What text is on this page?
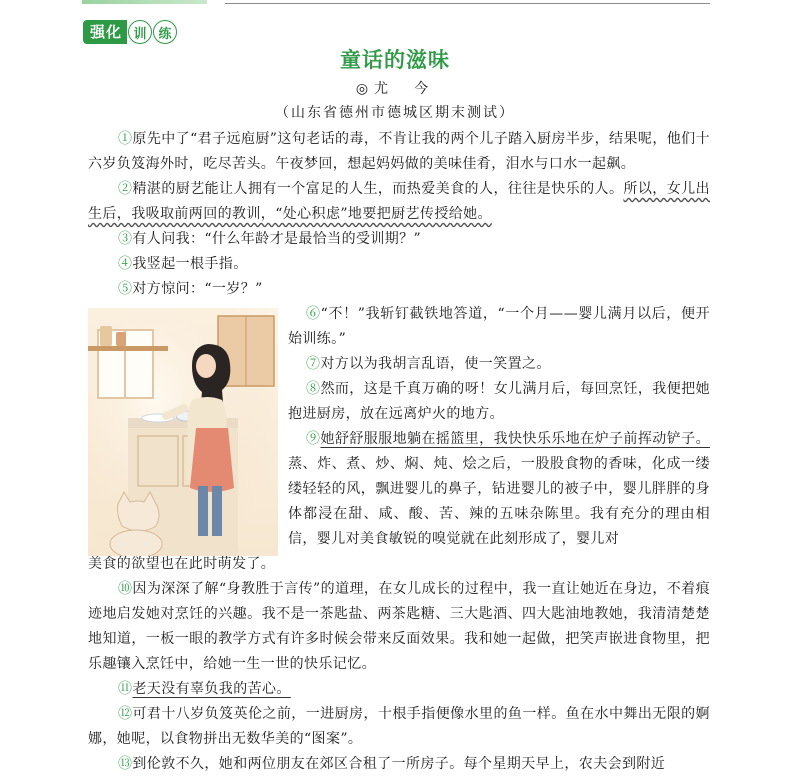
强化 训 练
童话的滋味
◎尤　今
（山东省德州市德城区期末测试）

①原先中了“君子远庖厨”这句老话的毒，不肯让我的两个儿子踏入厨房半步，结果呢，他们十六岁负笈海外时，吃尽苦头。午夜梦回，想起妈妈做的美味佳肴，泪水与口水一起飙。

②精湛的厨艺能让人拥有一个富足的人生，而热爱美食的人，往往是快乐的人。所以，女儿出生后，我吸取前两回的教训，“处心积虑”地要把厨艺传授给她。

③有人问我：“什么年龄才是最恰当的受训期？”

④我竖起一根手指。

⑤对方惊问：“一岁？”

⑥“不！”我斩钉截铁地答道，“一个月——婴儿满月以后，便开始训练。”

⑦对方以为我胡言乱语，使一笑置之。

⑧然而，这是千真万确的呀！女儿满月后，每回烹饪，我便把她抱进厨房，放在远离炉火的地方。

⑨她舒舒服服地躺在摇篮里，我快快乐乐地在炉子前挥动铲子。蒸、炸、煮、炒、焖、炖、烩之后，一股股食物的香味，化成一缕缕轻轻的风，飘进婴儿的鼻子，钻进婴儿的被子中，婴儿胖胖的身体都浸在甜、咸、酸、苦、辣的五味杂陈里。我有充分的理由相信，婴儿对美食敏锐的嗅觉就在此刻形成了，婴儿对

美食的欲望也在此时萌发了。

⑩因为深深了解“身教胜于言传”的道理，在女儿成长的过程中，我一直让她近在身边，不着痕迹地启发她对烹饪的兴趣。我不是一茶匙盐、两茶匙糖、三大匙酒、四大匙油地教她，我清清楚楚地知道，一板一眼的教学方式有许多时候会带来反面效果。我和她一起做，把笑声嵌进食物里，把乐趣镶入烹饪中，给她一生一世的快乐记忆。

⑪老天没有辜负我的苦心。

⑫可君十八岁负笈英伦之前，一进厨房，十根手指便像水里的鱼一样。鱼在水中舞出无限的婀娜，她呢，以食物拼出无数华美的“图案”。

⑬到伦敦不久，她和两位朋友在郊区合租了一所房子。每个星期天早上，农夫会到附近
